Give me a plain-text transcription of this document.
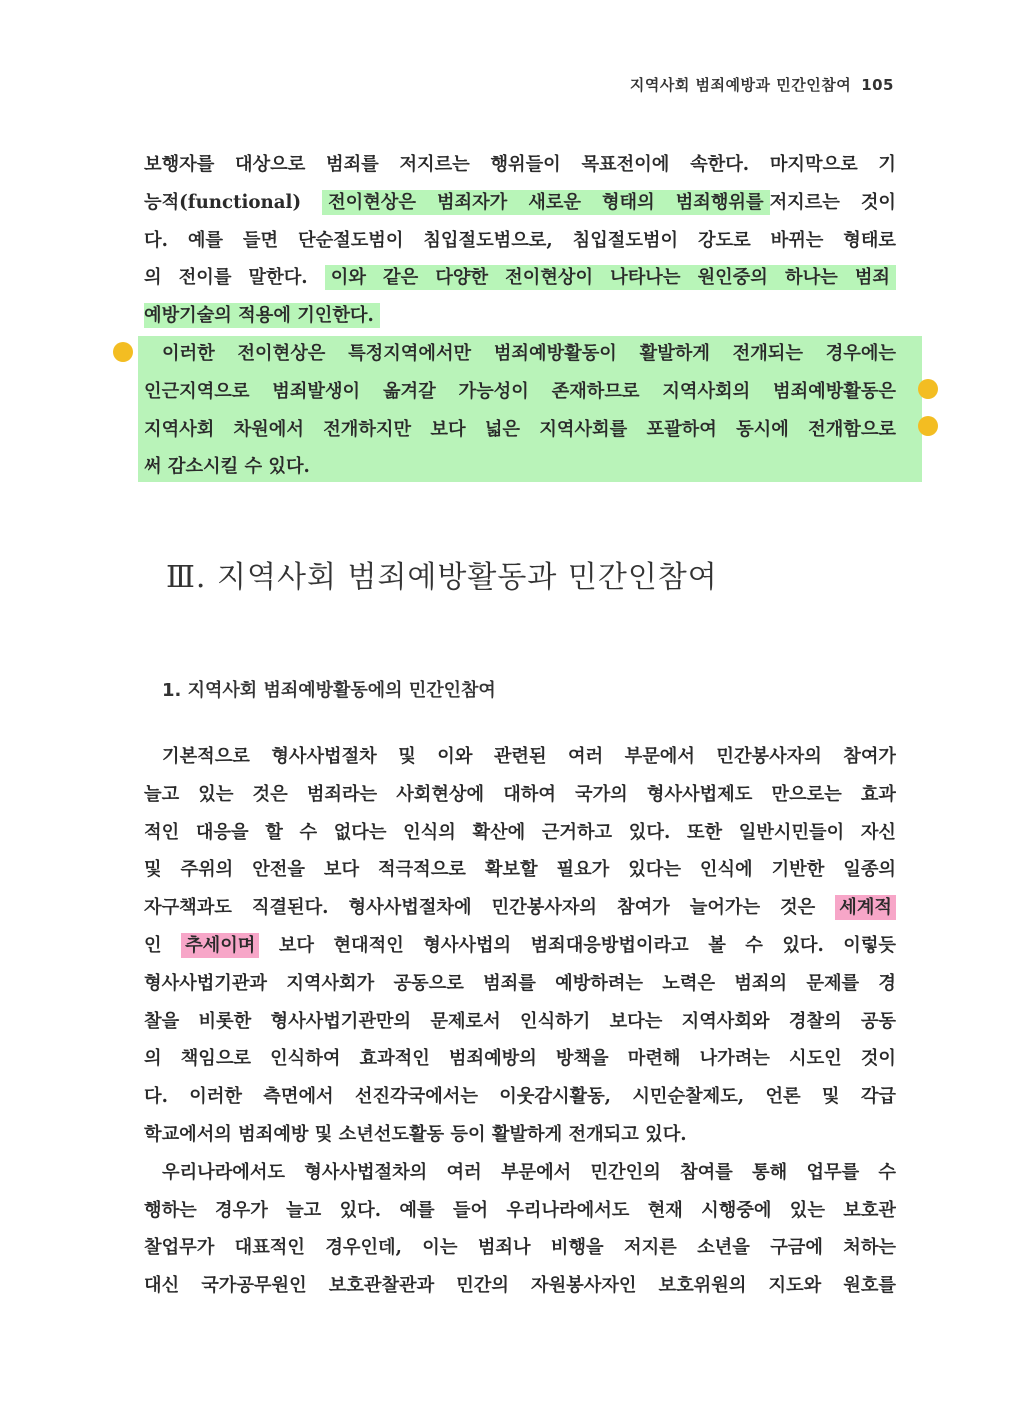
지역사회 범죄예방과 민간인참여 105
보행자를 대상으로 범죄를 저지르는 행위들이 목표전이에 속한다. 마지막으로 기
능적(functional) 전이현상은 범죄자가 새로운 형태의 범죄행위를 저지르는 것이
다. 예를 들면 단순절도범이 침입절도범으로, 침입절도범이 강도로 바뀌는 형태로
의 전이를 말한다. 이와 같은 다양한 전이현상이 나타나는 원인중의 하나는 범죄
예방기술의 적용에 기인한다.
이러한 전이현상은 특정지역에서만 범죄예방활동이 활발하게 전개되는 경우에는
인근지역으로 범죄발생이 옮겨갈 가능성이 존재하므로 지역사회의 범죄예방활동은
지역사회 차원에서 전개하지만 보다 넓은 지역사회를 포괄하여 동시에 전개함으로
써 감소시킬 수 있다.
Ⅲ. 지역사회 범죄예방활동과 민간인참여
1. 지역사회 범죄예방활동에의 민간인참여
기본적으로 형사사법절차 및 이와 관련된 여러 부문에서 민간봉사자의 참여가
늘고 있는 것은 범죄라는 사회현상에 대하여 국가의 형사사법제도 만으로는 효과
적인 대응을 할 수 없다는 인식의 확산에 근거하고 있다. 또한 일반시민들이 자신
및 주위의 안전을 보다 적극적으로 확보할 필요가 있다는 인식에 기반한 일종의
자구책과도 직결된다. 형사사법절차에 민간봉사자의 참여가 늘어가는 것은 세계적
인 추세이며 보다 현대적인 형사사법의 범죄대응방법이라고 볼 수 있다. 이렇듯
형사사법기관과 지역사회가 공동으로 범죄를 예방하려는 노력은 범죄의 문제를 경
찰을 비롯한 형사사법기관만의 문제로서 인식하기 보다는 지역사회와 경찰의 공동
의 책임으로 인식하여 효과적인 범죄예방의 방책을 마련해 나가려는 시도인 것이
다. 이러한 측면에서 선진각국에서는 이웃감시활동, 시민순찰제도, 언론 및 각급
학교에서의 범죄예방 및 소년선도활동 등이 활발하게 전개되고 있다.
우리나라에서도 형사사법절차의 여러 부문에서 민간인의 참여를 통해 업무를 수
행하는 경우가 늘고 있다. 예를 들어 우리나라에서도 현재 시행중에 있는 보호관
찰업무가 대표적인 경우인데, 이는 범죄나 비행을 저지른 소년을 구금에 처하는
대신 국가공무원인 보호관찰관과 민간의 자원봉사자인 보호위원의 지도와 원호를
